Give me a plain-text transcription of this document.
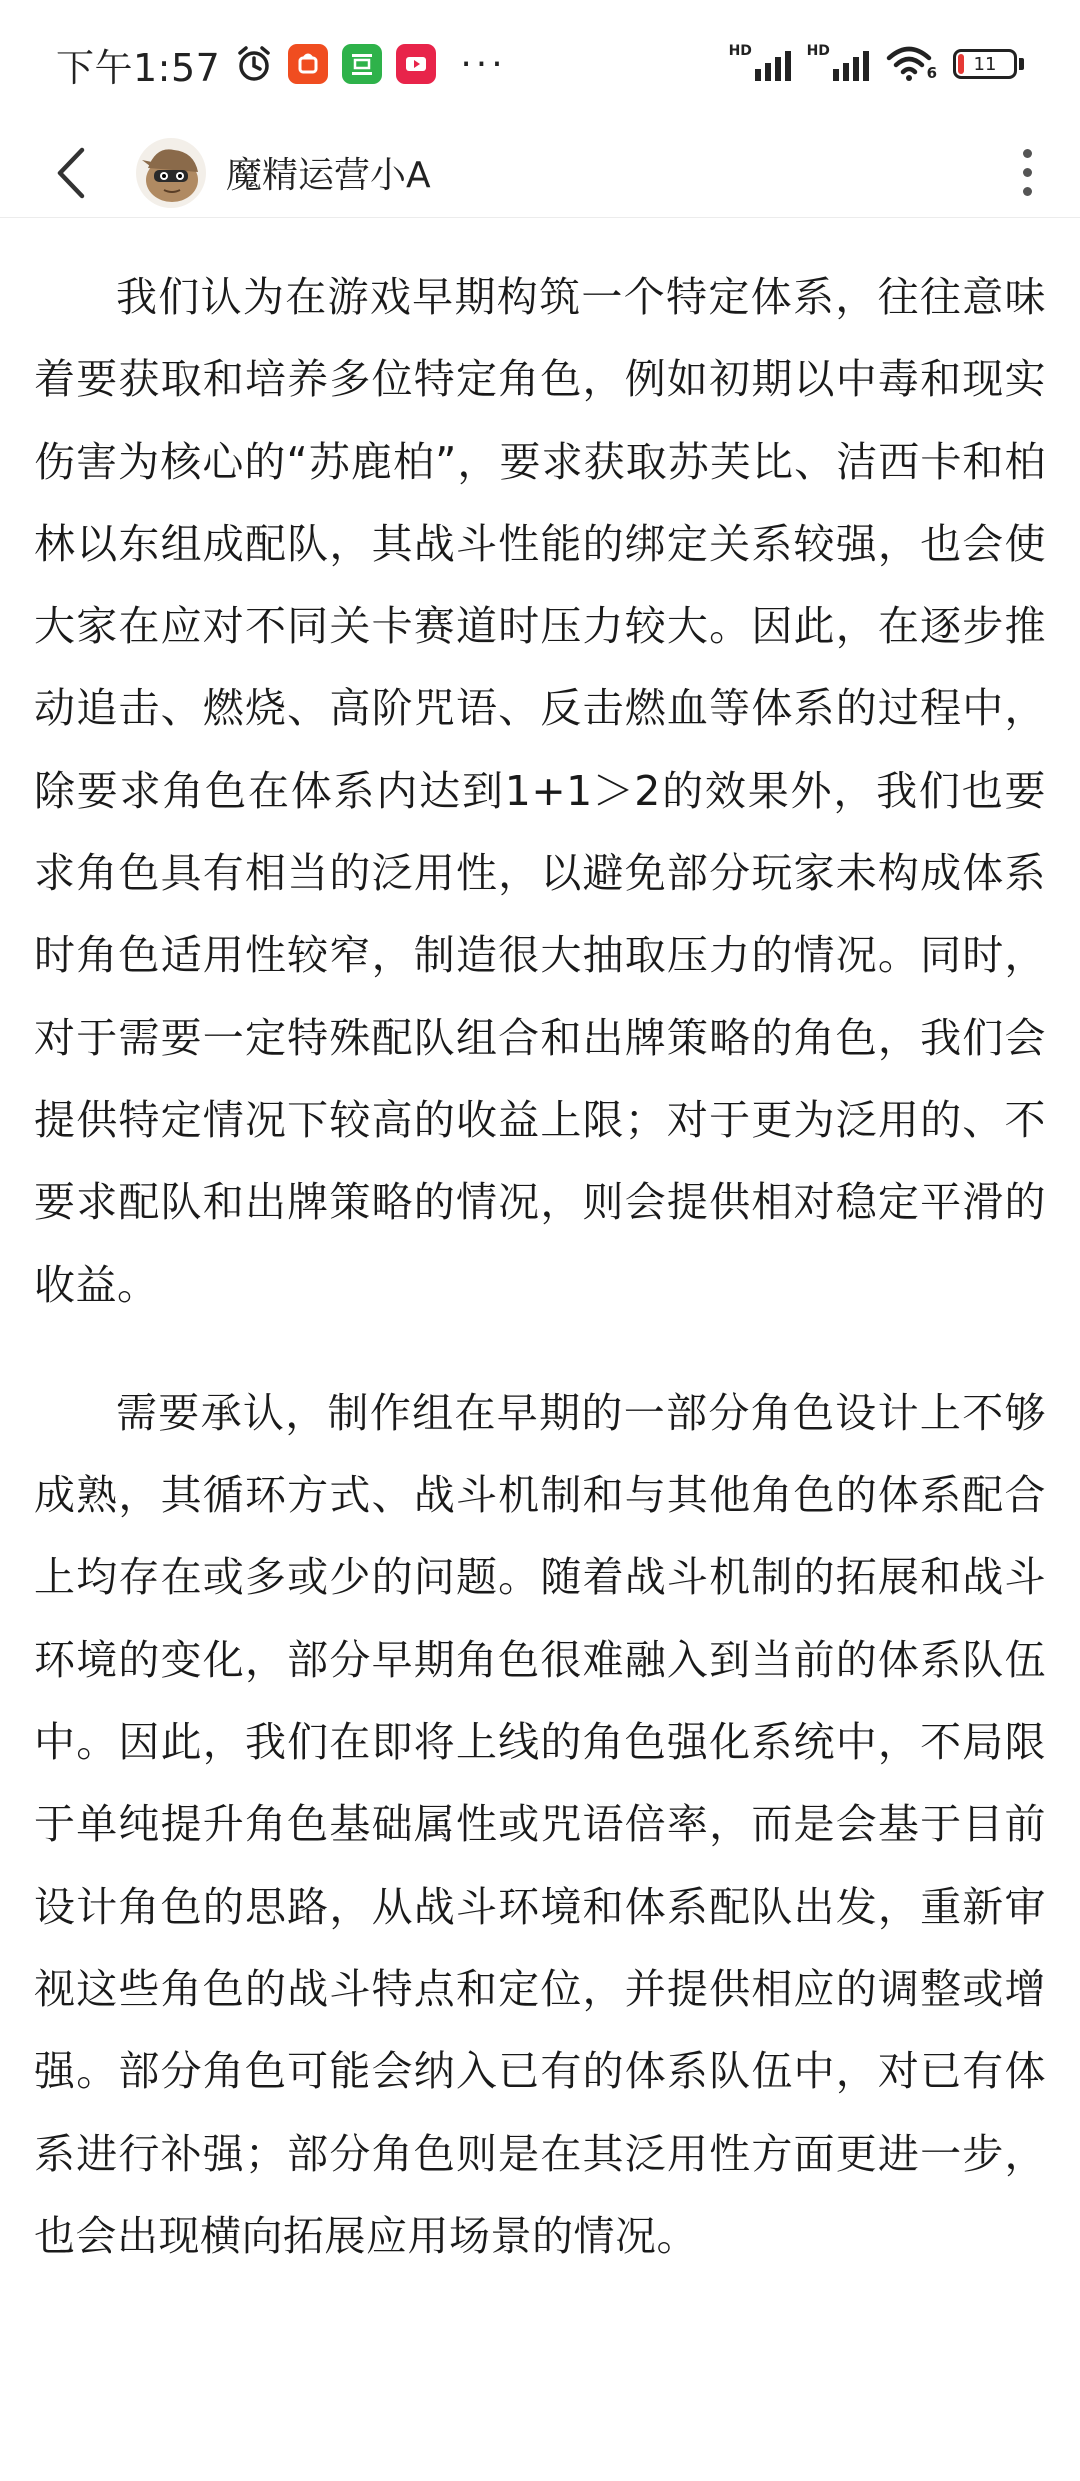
下午1:57	···	HD	HD
6 11
魔精运营小A

我们认为在游戏早期构筑一个特定体系，往往意味着要获取和培养多位特定角色，例如初期以中毒和现实伤害为核心的“苏鹿柏”，要求获取苏芙比、洁西卡和柏林以东组成配队，其战斗性能的绑定关系较强，也会使大家在应对不同关卡赛道时压力较大。因此，在逐步推动追击、燃烧、高阶咒语、反击燃血等体系的过程中，除要求角色在体系内达到1+1＞2的效果外，我们也要求角色具有相当的泛用性，以避免部分玩家未构成体系时角色适用性较窄，制造很大抽取压力的情况。同时，对于需要一定特殊配队组合和出牌策略的角色，我们会提供特定情况下较高的收益上限；对于更为泛用的、不要求配队和出牌策略的情况，则会提供相对稳定平滑的收益。

需要承认，制作组在早期的一部分角色设计上不够成熟，其循环方式、战斗机制和与其他角色的体系配合上均存在或多或少的问题。随着战斗机制的拓展和战斗环境的变化，部分早期角色很难融入到当前的体系队伍中。因此，我们在即将上线的角色强化系统中，不局限于单纯提升角色基础属性或咒语倍率，而是会基于目前设计角色的思路，从战斗环境和体系配队出发，重新审视这些角色的战斗特点和定位，并提供相应的调整或增强。部分角色可能会纳入已有的体系队伍中，对已有体系进行补强；部分角色则是在其泛用性方面更进一步，也会出现横向拓展应用场景的情况。
